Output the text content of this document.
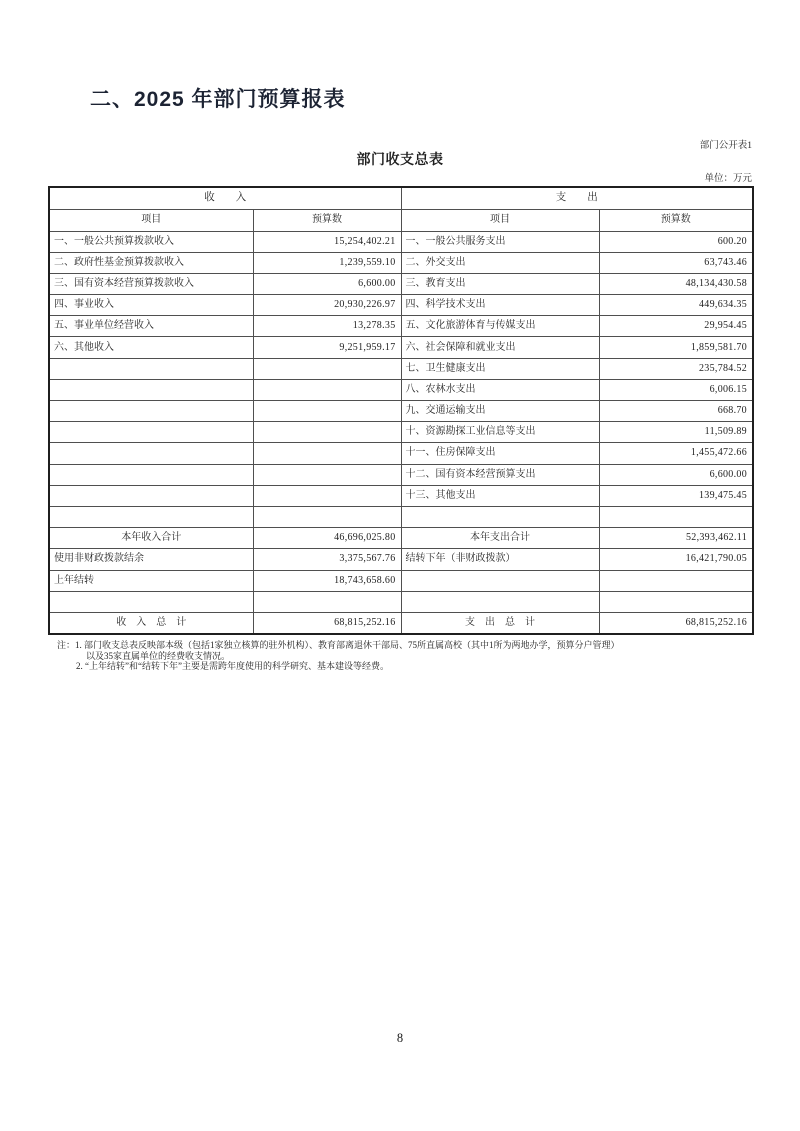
二、2025 年部门预算报表
部门公开表1
部门收支总表
单位：万元
收　　入		支　　出	
项目	预算数	项目	预算数
一、一般公共预算拨款收入	15,254,402.21	一、一般公共服务支出	600.20
二、政府性基金预算拨款收入	1,239,559.10	二、外交支出	63,743.46
三、国有资本经营预算拨款收入	6,600.00	三、教育支出	48,134,430.58
四、事业收入	20,930,226.97	四、科学技术支出	449,634.35
五、事业单位经营收入	13,278.35	五、文化旅游体育与传媒支出	29,954.45
六、其他收入	9,251,959.17	六、社会保障和就业支出	1,859,581.70
		七、卫生健康支出	235,784.52
		八、农林水支出	6,006.15
		九、交通运输支出	668.70
		十、资源勘探工业信息等支出	11,509.89
		十一、住房保障支出	1,455,472.66
		十二、国有资本经营预算支出	6,600.00
		十三、其他支出	139,475.45

本年收入合计	46,696,025.80	本年支出合计	52,393,462.11
使用非财政拨款结余	3,375,567.76	结转下年（非财政拨款）	16,421,790.05
上年结转	18,743,658.60		

收　入　总　计	68,815,252.16	支　出　总　计	68,815,252.16
注：1. 部门收支总表反映部本级（包括1家独立核算的驻外机构）、教育部离退休干部局、75所直属高校（其中1所为两地办学，预算分户管理）
以及35家直属单位的经费收支情况。
2. “上年结转”和“结转下年”主要是需跨年度使用的科学研究、基本建设等经费。
8
